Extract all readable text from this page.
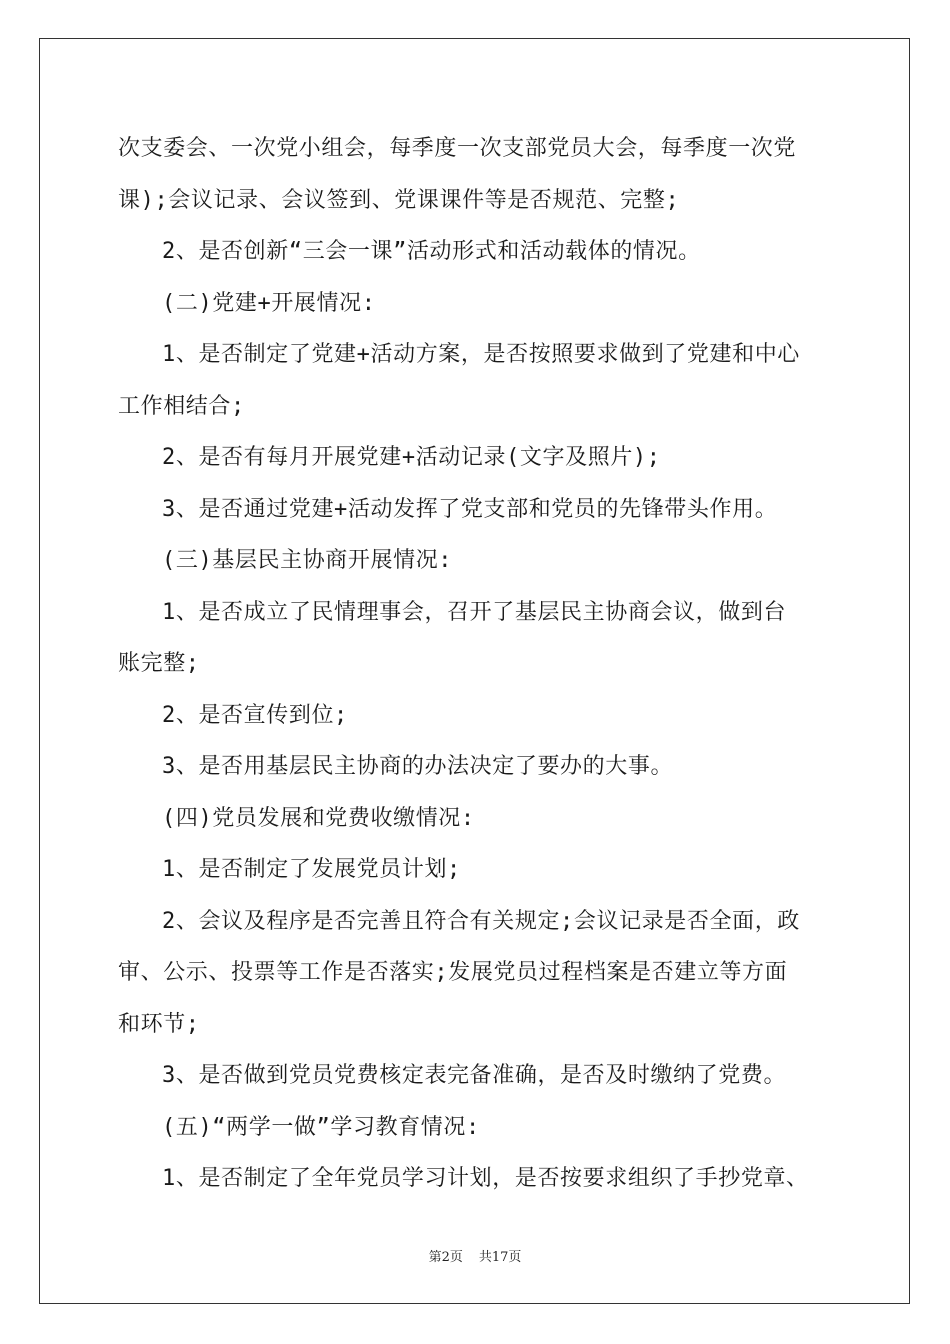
次支委会、一次党小组会，每季度一次支部党员大会，每季度一次党
课);会议记录、会议签到、党课课件等是否规范、完整;
2、是否创新“三会一课”活动形式和活动载体的情况。
(二)党建+开展情况:
1、是否制定了党建+活动方案，是否按照要求做到了党建和中心
工作相结合;
2、是否有每月开展党建+活动记录(文字及照片);
3、是否通过党建+活动发挥了党支部和党员的先锋带头作用。
(三)基层民主协商开展情况:
1、是否成立了民情理事会，召开了基层民主协商会议，做到台
账完整;
2、是否宣传到位;
3、是否用基层民主协商的办法决定了要办的大事。
(四)党员发展和党费收缴情况:
1、是否制定了发展党员计划;
2、会议及程序是否完善且符合有关规定;会议记录是否全面，政
审、公示、投票等工作是否落实;发展党员过程档案是否建立等方面
和环节;
3、是否做到党员党费核定表完备准确，是否及时缴纳了党费。
(五)“两学一做”学习教育情况:
1、是否制定了全年党员学习计划，是否按要求组织了手抄党章、
第2页 共17页
